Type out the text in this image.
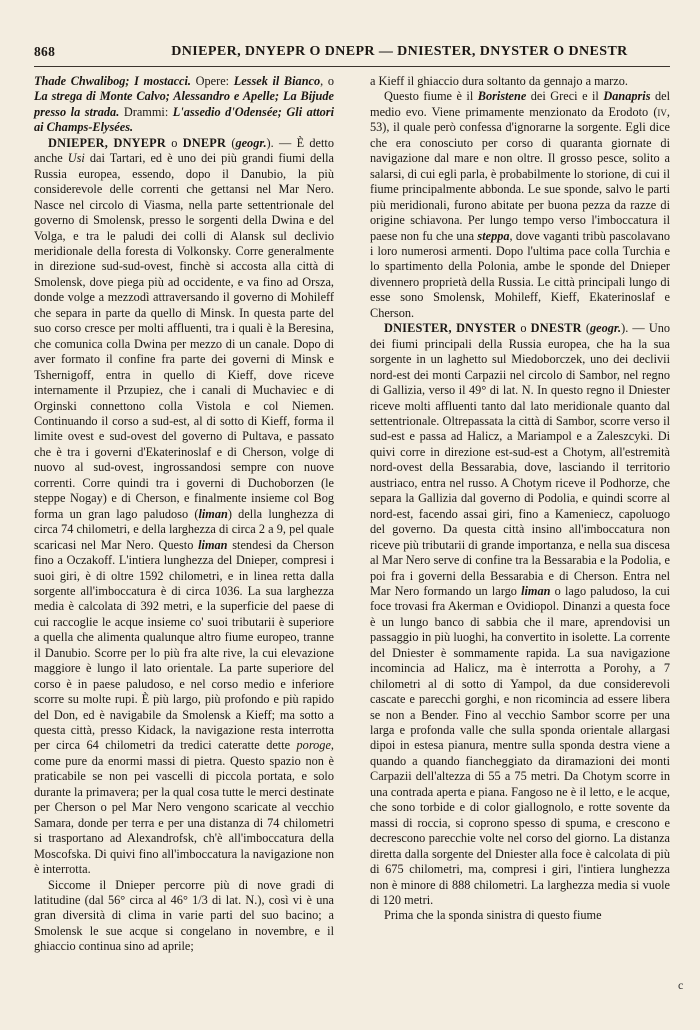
868	DNIEPER, DNYEPR O DNEPR — DNIESTER, DNYSTER O DNESTR

Thade Chwalibog; I mostacci. Opere: Lessek il Bianco, o La strega di Monte Calvo; Alessandro e Apelle; La Bijude presso la strada. Drammi: L'assedio d'Odensée; Gli attori ai Champs-Elysées.

DNIEPER, DNYEPR o DNEPR (geogr.). — È detto anche Usi dai Tartari, ed è uno dei più grandi fiumi della Russia europea, essendo, dopo il Danubio, la più considerevole delle correnti che gettansi nel Mar Nero. Nasce nel circolo di Viasma, nella parte settentrionale del governo di Smolensk, presso le sorgenti della Dwina e del Volga, e tra le paludi dei colli di Alansk sul declivio meridionale della foresta di Volkonsky. Corre generalmente in direzione sud-sud-ovest, finchè si accosta alla città di Smolensk, dove piega più ad occidente, e va fino ad Orsza, donde volge a mezzodì attraversando il governo di Mohileff che separa in parte da quello di Minsk. In questa parte del suo corso cresce per molti affluenti, tra i quali è la Beresina, che comunica colla Dwina per mezzo di un canale. Dopo di aver formato il confine fra parte dei governi di Minsk e Tshernigoff, entra in quello di Kieff, dove riceve internamente il Przupiez, che i canali di Muchaviec e di Orginski connettono colla Vistola e col Niemen. Continuando il corso a sud-est, al di sotto di Kieff, forma il limite ovest e sud-ovest del governo di Pultava, e passato che è tra i governi d'Ekaterinoslaf e di Cherson, volge di nuovo al sud-ovest, ingrossandosi sempre con nuove correnti. Corre quindi tra i governi di Duchoborzen (le steppe Nogay) e di Cherson, e finalmente insieme col Bog forma un gran lago paludoso (liman) della lunghezza di circa 74 chilometri, e della larghezza di circa 2 a 9, pel quale scaricasi nel Mar Nero. Questo liman stendesi da Cherson fino a Oczakoff. L'intiera lunghezza del Dnieper, compresi i suoi giri, è di oltre 1592 chilometri, e in linea retta dalla sorgente all'imboccatura è di circa 1036. La sua larghezza media è calcolata di 392 metri, e la superficie del paese di cui raccoglie le acque insieme co' suoi tributarii è superiore a quella che alimenta qualunque altro fiume europeo, tranne il Danubio. Scorre per lo più fra alte rive, la cui elevazione maggiore è lungo il lato orientale. La parte superiore del corso è in paese paludoso, e nel corso medio e inferiore scorre su molte rupi. È più largo, più profondo e più rapido del Don, ed è navigabile da Smolensk a Kieff; ma sotto a questa città, presso Kidack, la navigazione resta interrotta per circa 64 chilometri da tredici cateratte dette poroge, come pure da enormi massi di pietra. Questo spazio non è praticabile se non pei vascelli di piccola portata, e solo durante la primavera; per la qual cosa tutte le merci destinate per Cherson o pel Mar Nero vengono scaricate al vecchio Samara, donde per terra e per una distanza di 74 chilometri si trasportano ad Alexandrofsk, ch'è all'imboccatura della Moscofska. Di quivi fino all'imboccatura la navigazione non è interrotta.

Siccome il Dnieper percorre più di nove gradi di latitudine (dal 56° circa al 46° 1/3 di lat. N.), così vi è una gran diversità di clima in varie parti del suo bacino; a Smolensk le sue acque si congelano in novembre, e il ghiaccio continua sino ad aprile;

a Kieff il ghiaccio dura soltanto da gennajo a marzo.

Questo fiume è il Boristene dei Greci e il Danapris del medio evo. Viene primamente menzionato da Erodoto (iv, 53), il quale però confessa d'ignorarne la sorgente. Egli dice che era conosciuto per corso di quaranta giornate di navigazione dal mare e non oltre. Il grosso pesce, solito a salarsi, di cui egli parla, è probabilmente lo storione, di cui il fiume principalmente abbonda. Le sue sponde, salvo le parti più meridionali, furono abitate per buona pezza da razze di origine schiavona. Per lungo tempo verso l'imboccatura il paese non fu che una steppa, dove vaganti tribù pascolavano i loro numerosi armenti. Dopo l'ultima pace colla Turchia e lo spartimento della Polonia, ambe le sponde del Dnieper divennero proprietà della Russia. Le città principali lungo di esse sono Smolensk, Mohileff, Kieff, Ekaterinoslaf e Cherson.

DNIESTER, DNYSTER o DNESTR (geogr.). — Uno dei fiumi principali della Russia europea, che ha la sua sorgente in un laghetto sul Miedoborczek, uno dei declivii nord-est dei monti Carpazii nel circolo di Sambor, nel regno di Gallizia, verso il 49° di lat. N. In questo regno il Dniester riceve molti affluenti tanto dal lato meridionale quanto dal settentrionale. Oltrepassata la città di Sambor, scorre verso il sud-est e passa ad Halicz, a Mariampol e a Zaleszcyki. Di quivi corre in direzione est-sud-est a Chotym, all'estremità nord-ovest della Bessarabia, dove, lasciando il territorio austriaco, entra nel russo. A Chotym riceve il Podhorze, che separa la Gallizia dal governo di Podolia, e quindi scorre al nord-est, facendo assai giri, fino a Kameniecz, capoluogo del governo. Da questa città insino all'imboccatura non riceve più tributarii di grande importanza, e nella sua discesa al Mar Nero serve di confine tra la Bessarabia e la Podolia, e poi fra i governi della Bessarabia e di Cherson. Entra nel Mar Nero formando un largo liman o lago paludoso, la cui foce trovasi fra Akerman e Ovidiopol. Dinanzi a questa foce è un lungo banco di sabbia che il mare, aprendovisi un passaggio in più luoghi, ha convertito in isolette. La corrente del Dniester è sommamente rapida. La sua navigazione incomincia ad Halicz, ma è interrotta a Porohy, a 7 chilometri al di sotto di Yampol, da due considerevoli cascate e parecchi gorghi, e non ricomincia ad essere libera se non a Bender. Fino al vecchio Sambor scorre per una larga e profonda valle che sulla sponda orientale allargasi dipoi in estesa pianura, mentre sulla sponda destra viene a quando a quando fiancheggiato da diramazioni dei monti Carpazii dell'altezza di 55 a 75 metri. Da Chotym scorre in una contrada aperta e piana. Fangoso ne è il letto, e le acque, che sono torbide e di color giallognolo, e rotte sovente da massi di roccia, si coprono spesso di spuma, e crescono e decrescono parecchie volte nel corso del giorno. La distanza diretta dalla sorgente del Dniester alla foce è calcolata di più di 675 chilometri, ma, compresi i giri, l'intiera lunghezza non è minore di 888 chilometri. La larghezza media si vuole di 120 metri.

Prima che la sponda sinistra di questo fiume

c
